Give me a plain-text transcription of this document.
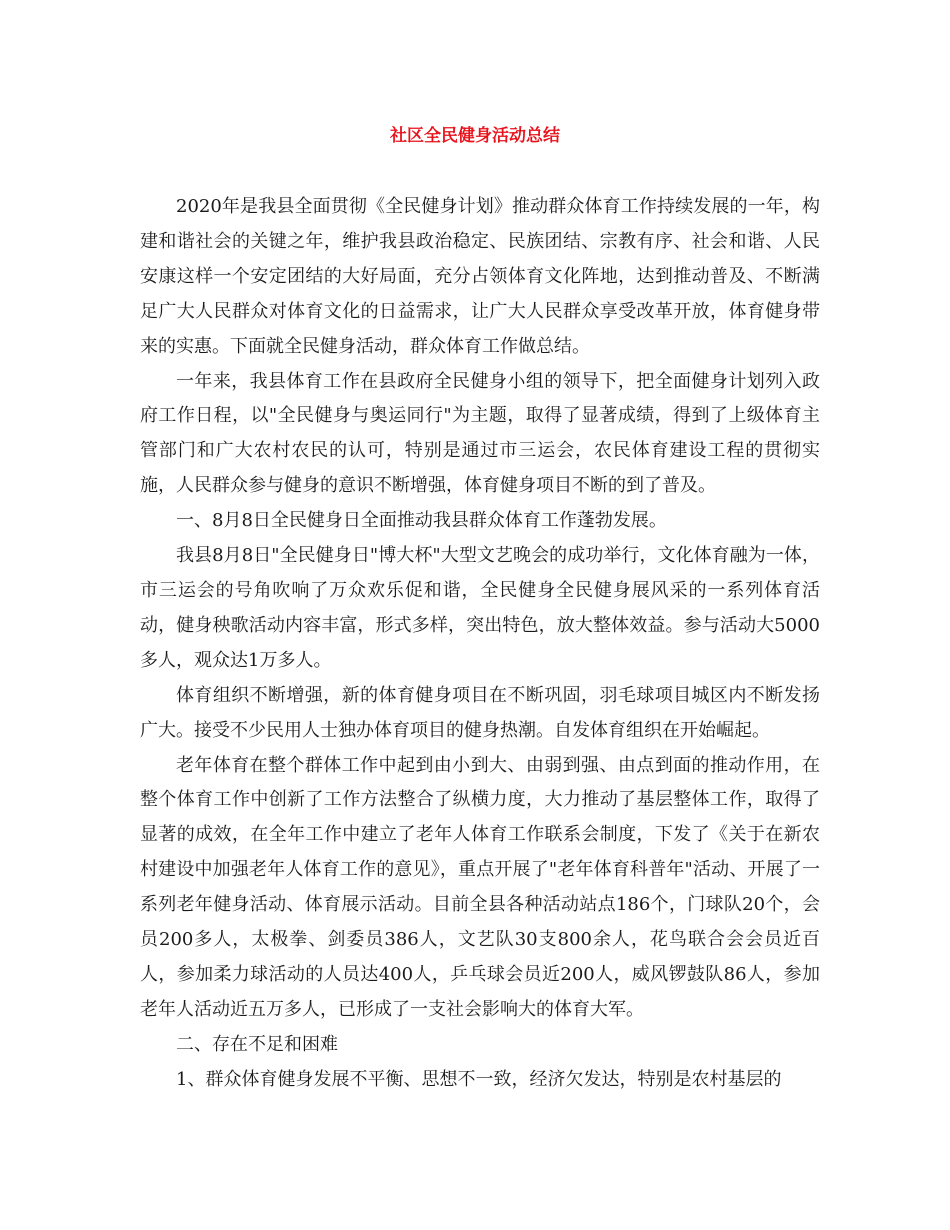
社区全民健身活动总结

2020年是我县全面贯彻《全民健身计划》推动群众体育工作持续发展的一年，构建和谐社会的关键之年，维护我县政治稳定、民族团结、宗教有序、社会和谐、人民安康这样一个安定团结的大好局面，充分占领体育文化阵地，达到推动普及、不断满足广大人民群众对体育文化的日益需求，让广大人民群众享受改革开放，体育健身带来的实惠。下面就全民健身活动，群众体育工作做总结。

一年来，我县体育工作在县政府全民健身小组的领导下，把全面健身计划列入政府工作日程，以"全民健身与奥运同行"为主题，取得了显著成绩，得到了上级体育主管部门和广大农村农民的认可，特别是通过市三运会，农民体育建设工程的贯彻实施，人民群众参与健身的意识不断增强，体育健身项目不断的到了普及。

一、8月8日全民健身日全面推动我县群众体育工作蓬勃发展。

我县8月8日"全民健身日"博大杯"大型文艺晚会的成功举行，文化体育融为一体，市三运会的号角吹响了万众欢乐促和谐，全民健身全民健身展风采的一系列体育活动，健身秧歌活动内容丰富，形式多样，突出特色，放大整体效益。参与活动大5000多人，观众达1万多人。

体育组织不断增强，新的体育健身项目在不断巩固，羽毛球项目城区内不断发扬广大。接受不少民用人士独办体育项目的健身热潮。自发体育组织在开始崛起。

老年体育在整个群体工作中起到由小到大、由弱到强、由点到面的推动作用，在整个体育工作中创新了工作方法整合了纵横力度，大力推动了基层整体工作，取得了显著的成效，在全年工作中建立了老年人体育工作联系会制度，下发了《关于在新农村建设中加强老年人体育工作的意见》，重点开展了"老年体育科普年"活动、开展了一系列老年健身活动、体育展示活动。目前全县各种活动站点186个，门球队20个，会员200多人，太极拳、剑委员386人，文艺队30支800余人，花鸟联合会会员近百人，参加柔力球活动的人员达400人，乒乓球会员近200人，威风锣鼓队86人，参加老年人活动近五万多人，已形成了一支社会影响大的体育大军。

二、存在不足和困难

1、群众体育健身发展不平衡、思想不一致，经济欠发达，特别是农村基层的
